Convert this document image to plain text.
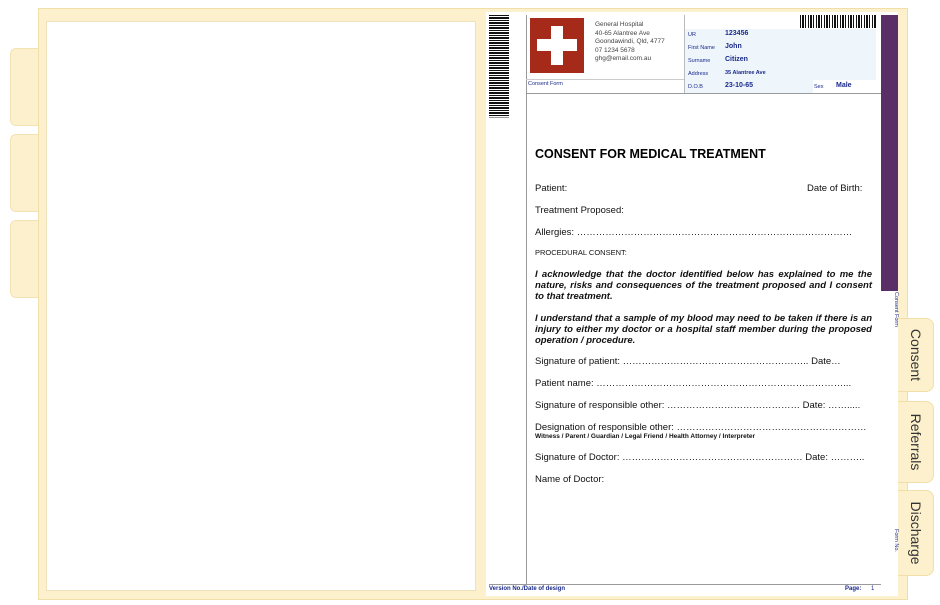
Consent
Referrals
Discharge
General Hospital
40-65 Alantree Ave
Goondawindi, Qld, 4777
07 1234 5678
ghg@email.com.au
Consent Form
UR	123456
First Name John
Surname Citizen
Address	35 Alantree Ave
D.O.B	23-10-65	Sex Male
Consent Form
Form No.
CONSENT FOR MEDICAL TREATMENT
Patient:	Date of Birth:
Treatment Proposed:
Allergies: ……………………………………………………………………………
PROCEDURAL CONSENT:
I acknowledge that the doctor identified below has explained to me the nature, risks and consequences of the treatment proposed and I consent to that treatment.
I understand that a sample of my blood may need to be taken if there is an injury to either my doctor or a hospital staff member during the proposed operation / procedure.
Signature of patient: ………………………………………………….. Date…
Patient name: ……………………………………………………………………...
Signature of responsible other: …………………………………… Date: …….....
Designation of responsible other: ……………………………………………………
Witness / Parent / Guardian / Legal Friend / Health Attorney / Interpreter
Signature of Doctor: ………………………………………………… Date: ………..
Name of Doctor:
Version No./Date of design	Page: 1
